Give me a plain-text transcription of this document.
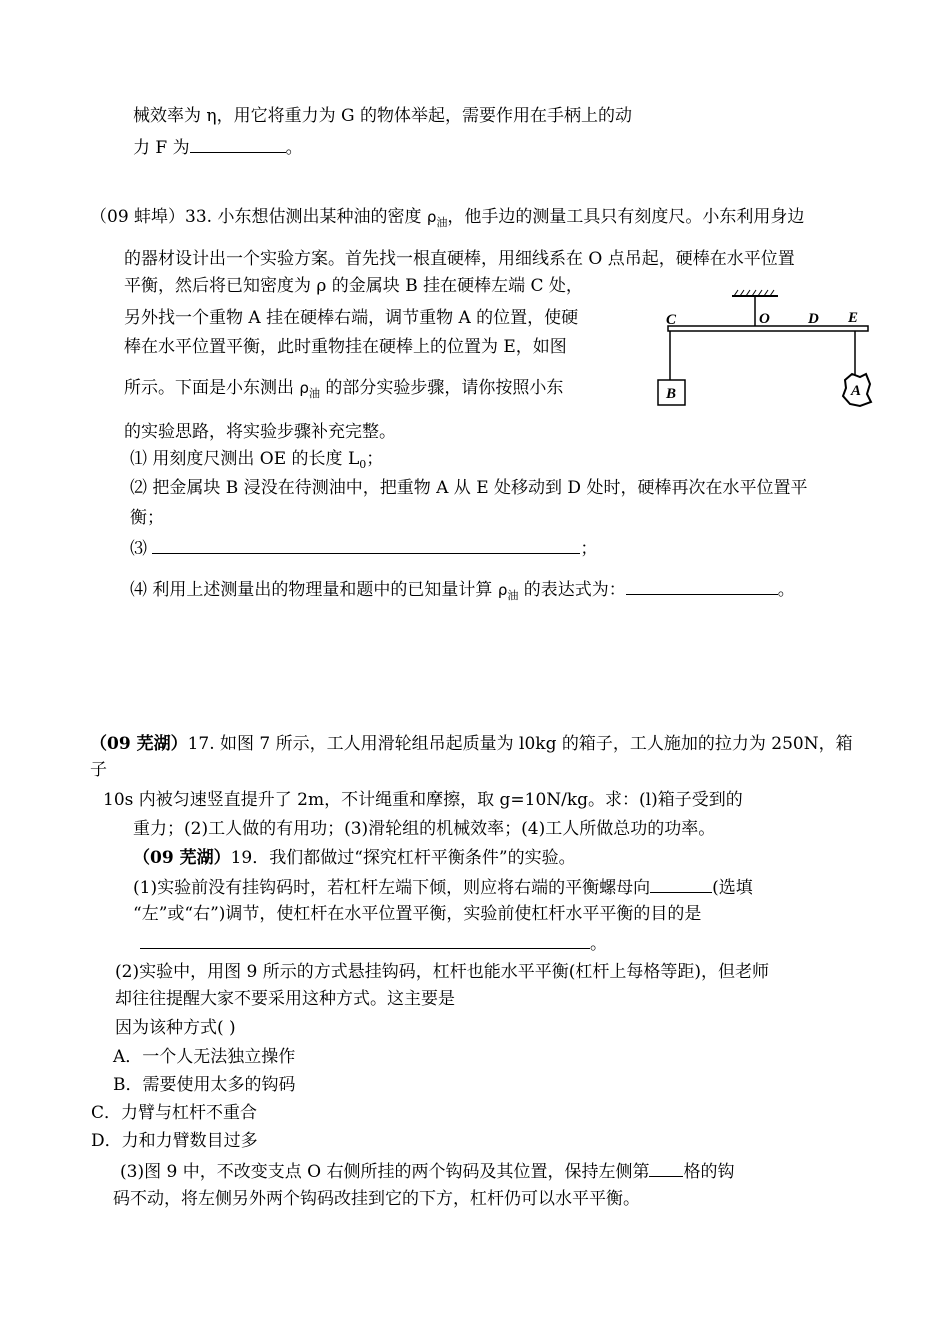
械效率为 η，用它将重力为 G 的物体举起，需要作用在手柄上的动
力 F 为	。
（09 蚌埠）33. 小东想估测出某种油的密度 $\rho_油$，他手边的测量工具只有刻度尺。小东利用身边
的器材设计出一个实验方案。首先找一根直硬棒，用细线系在 O 点吊起，硬棒在水平位置
平衡，然后将已知密度为 ρ 的金属块 B 挂在硬棒左端 C 处，
另外找一个重物 A 挂在硬棒右端，调节重物 A 的位置，使硬
棒在水平位置平衡，此时重物挂在硬棒上的位置为 E，如图
所示。下面是小东测出 $\rho_油$ 的部分实验步骤，请你按照小东
的实验思路，将实验步骤补充完整。
⑴ 用刻度尺测出 OE 的长度 $L_0$；
⑵ 把金属块 B 浸没在待测油中，把重物 A 从 E 处移动到 D 处时，硬棒再次在水平位置平
衡；
⑶	；
⑷ 利用上述测量出的物理量和题中的已知量计算 $\rho_油$ 的表达式为：	。
C	O	D E
B	A
（09 芜湖）17. 如图 7 所示，工人用滑轮组吊起质量为 l0kg 的箱子，工人施加的拉力为 250N，箱
子
10s 内被匀速竖直提升了 2m，不计绳重和摩擦，取 g=10N/kg。求：(l)箱子受到的
重力；(2)工人做的有用功；(3)滑轮组的机械效率；(4)工人所做总功的功率。
（09 芜湖）19．我们都做过“探究杠杆平衡条件”的实验。
(1)实验前没有挂钩码时，若杠杆左端下倾，则应将右端的平衡螺母向	(选填
“左”或“右”)调节，使杠杆在水平位置平衡，实验前使杠杆水平平衡的目的是
。
(2)实验中，用图 9 所示的方式悬挂钩码，杠杆也能水平平衡(杠杆上每格等距)，但老师
却往往提醒大家不要采用这种方式。这主要是
因为该种方式( )
A．一个人无法独立操作
B．需要使用太多的钩码
C．力臂与杠杆不重合
D．力和力臂数目过多
(3)图 9 中，不改变支点 O 右侧所挂的两个钩码及其位置，保持左侧第 格的钩
码不动，将左侧另外两个钩码改挂到它的下方，杠杆仍可以水平平衡。
